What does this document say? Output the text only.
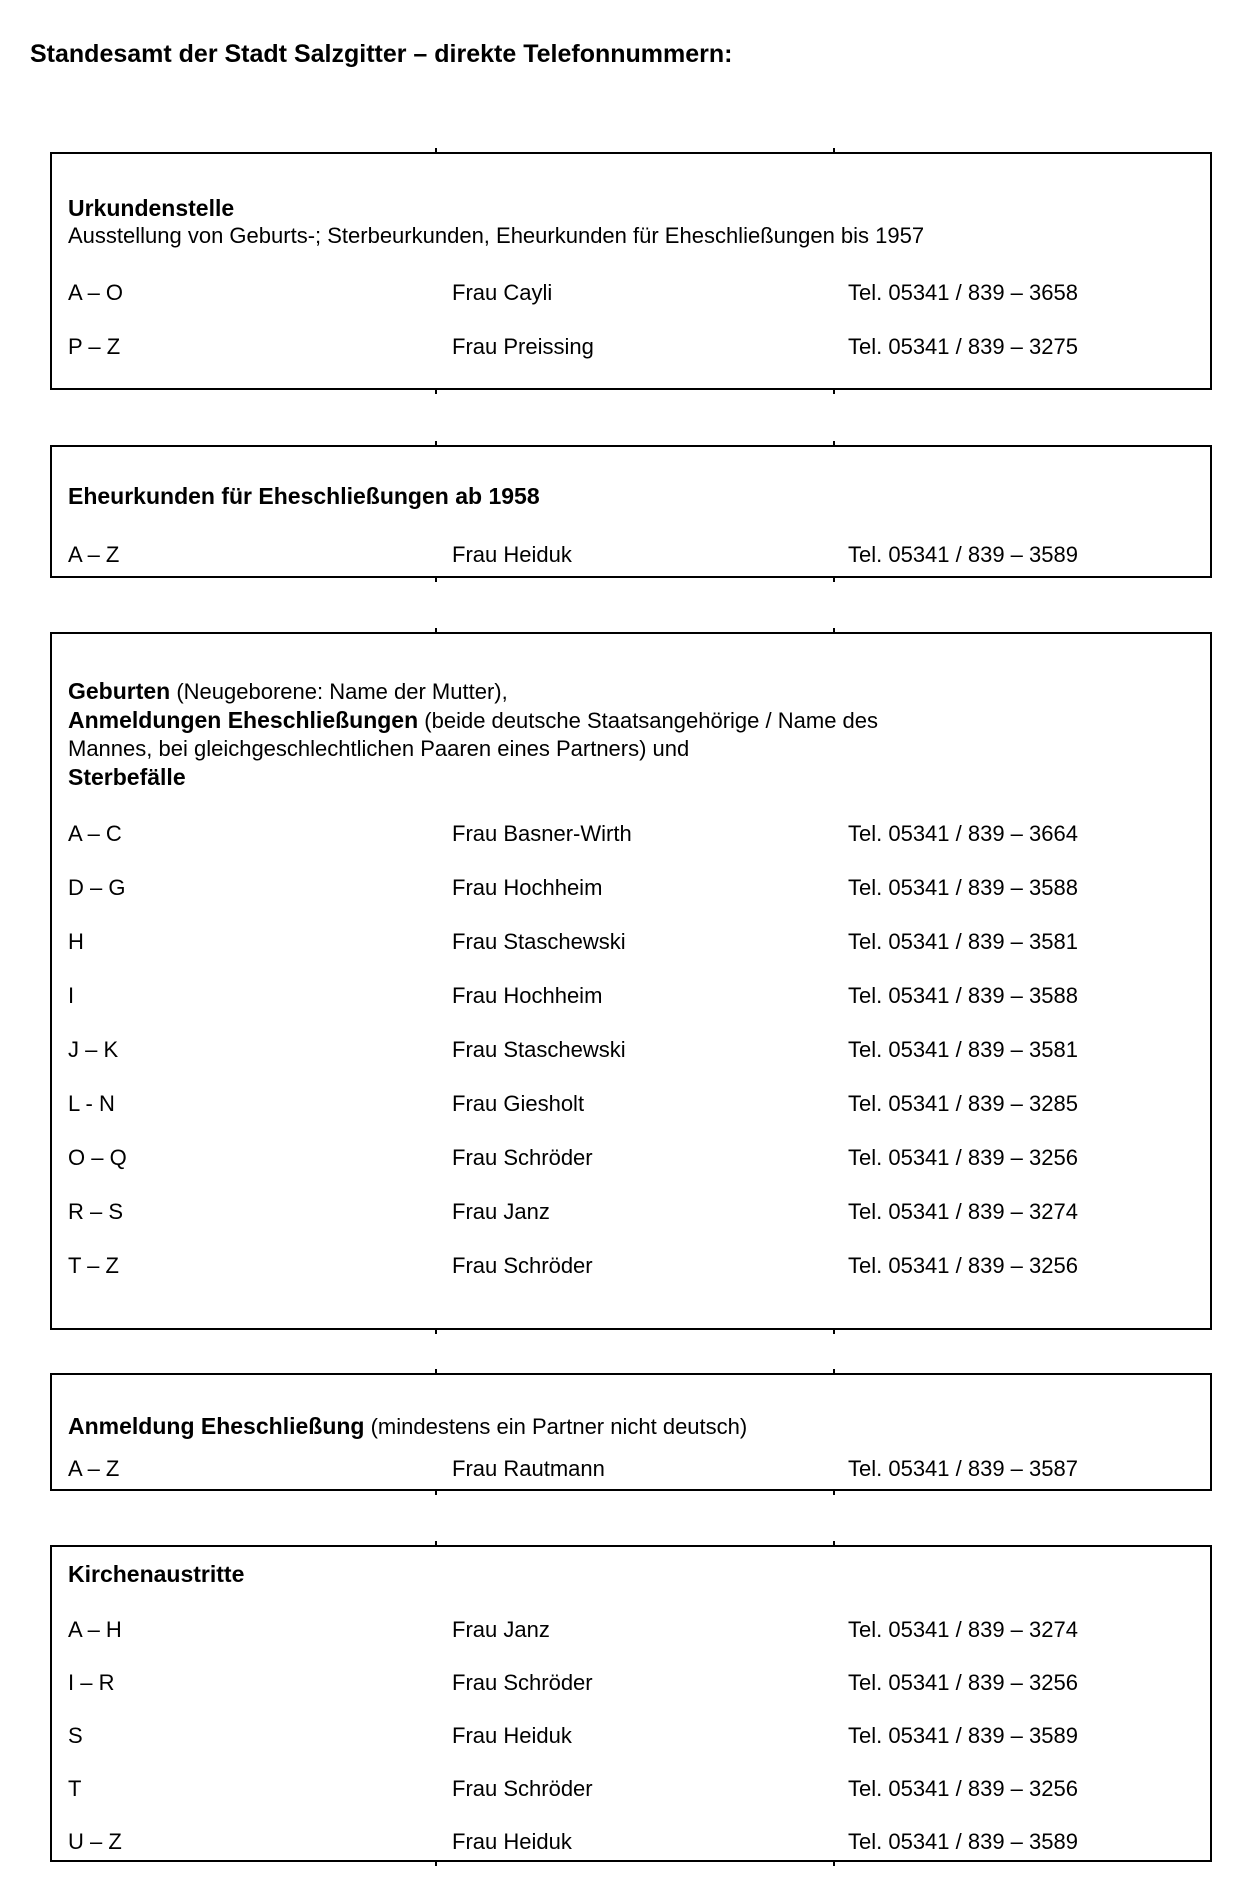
Standesamt der Stadt Salzgitter – direkte Telefonnummern:
Urkundenstelle

Ausstellung von Geburts-; Sterbeurkunden, Eheurkunden für Eheschließungen bis 1957

A – O	Frau Cayli	Tel. 05341 / 839 – 3658
P – Z	Frau Preissing	Tel. 05341 / 839 – 3275
Eheurkunden für Eheschließungen ab 1958
A – Z	Frau Heiduk	Tel. 05341 / 839 – 3589

Geburten (Neugeborene: Name der Mutter),

Anmeldungen Eheschließungen (beide deutsche Staatsangehörige / Name des
Mannes, bei gleichgeschlechtlichen Paaren eines Partners) und

Sterbefälle

A – C	Frau Basner-Wirth	Tel. 05341 / 839 – 3664
D – G	Frau Hochheim	Tel. 05341 / 839 – 3588
H	Frau Staschewski	Tel. 05341 / 839 – 3581
I	Frau Hochheim	Tel. 05341 / 839 – 3588
J – K	Frau Staschewski	Tel. 05341 / 839 – 3581
L - N	Frau Giesholt	Tel. 05341 / 839 – 3285
O – Q	Frau Schröder	Tel. 05341 / 839 – 3256
R – S	Frau Janz	Tel. 05341 / 839 – 3274
T – Z	Frau Schröder	Tel. 05341 / 839 – 3256
Anmeldung Eheschließung (mindestens ein Partner nicht deutsch)
A – Z	Frau Rautmann	Tel. 05341 / 839 – 3587
Kirchenaustritte
A – H	Frau Janz	Tel. 05341 / 839 – 3274
I – R	Frau Schröder	Tel. 05341 / 839 – 3256
S	Frau Heiduk	Tel. 05341 / 839 – 3589
T	Frau Schröder	Tel. 05341 / 839 – 3256
U – Z	Frau Heiduk	Tel. 05341 / 839 – 3589
